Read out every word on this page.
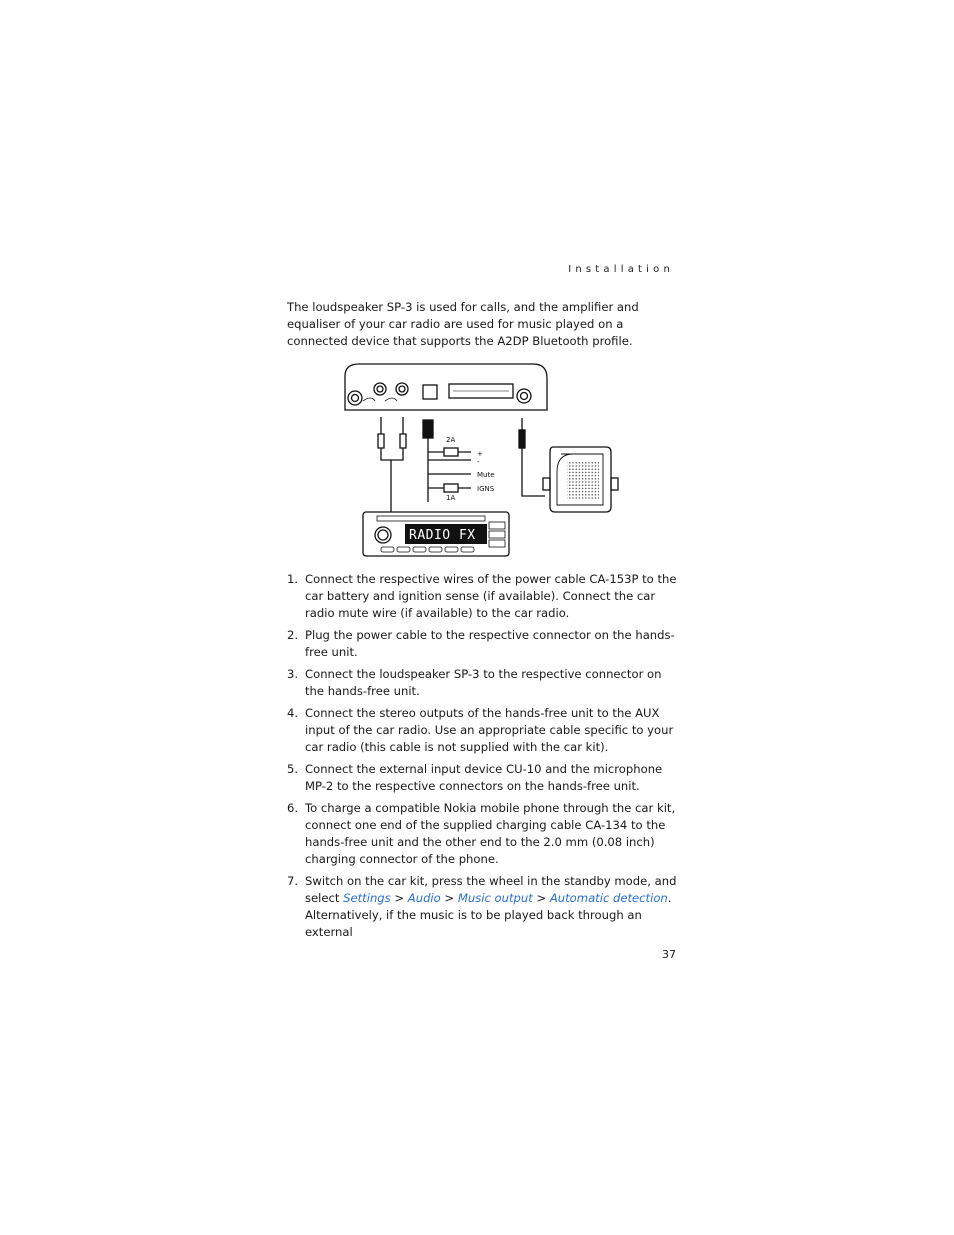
Installation

The loudspeaker SP-3 is used for calls, and the amplifier and equaliser of your car radio are used for music played on a connected device that supports the A2DP Bluetooth profile.

2A
1A
+
-
Mute
IGNS
RADIO FX
1. Connect the respective wires of the power cable CA-153P to the car battery and ignition sense (if available). Connect the car radio mute wire (if available) to the car radio.
2. Plug the power cable to the respective connector on the hands-free unit.
3. Connect the loudspeaker SP-3 to the respective connector on the hands-free unit.
4. Connect the stereo outputs of the hands-free unit to the AUX input of the car radio. Use an appropriate cable specific to your car radio (this cable is not supplied with the car kit).
5. Connect the external input device CU-10 and the microphone MP-2 to the respective connectors on the hands-free unit.
6. To charge a compatible Nokia mobile phone through the car kit, connect one end of the supplied charging cable CA-134 to the hands-free unit and the other end to the 2.0 mm (0.08 inch) charging connector of the phone.
7. Switch on the car kit, press the wheel in the standby mode, and select Settings > Audio > Music output > Automatic detection. Alternatively, if the music is to be played back through an external
37
